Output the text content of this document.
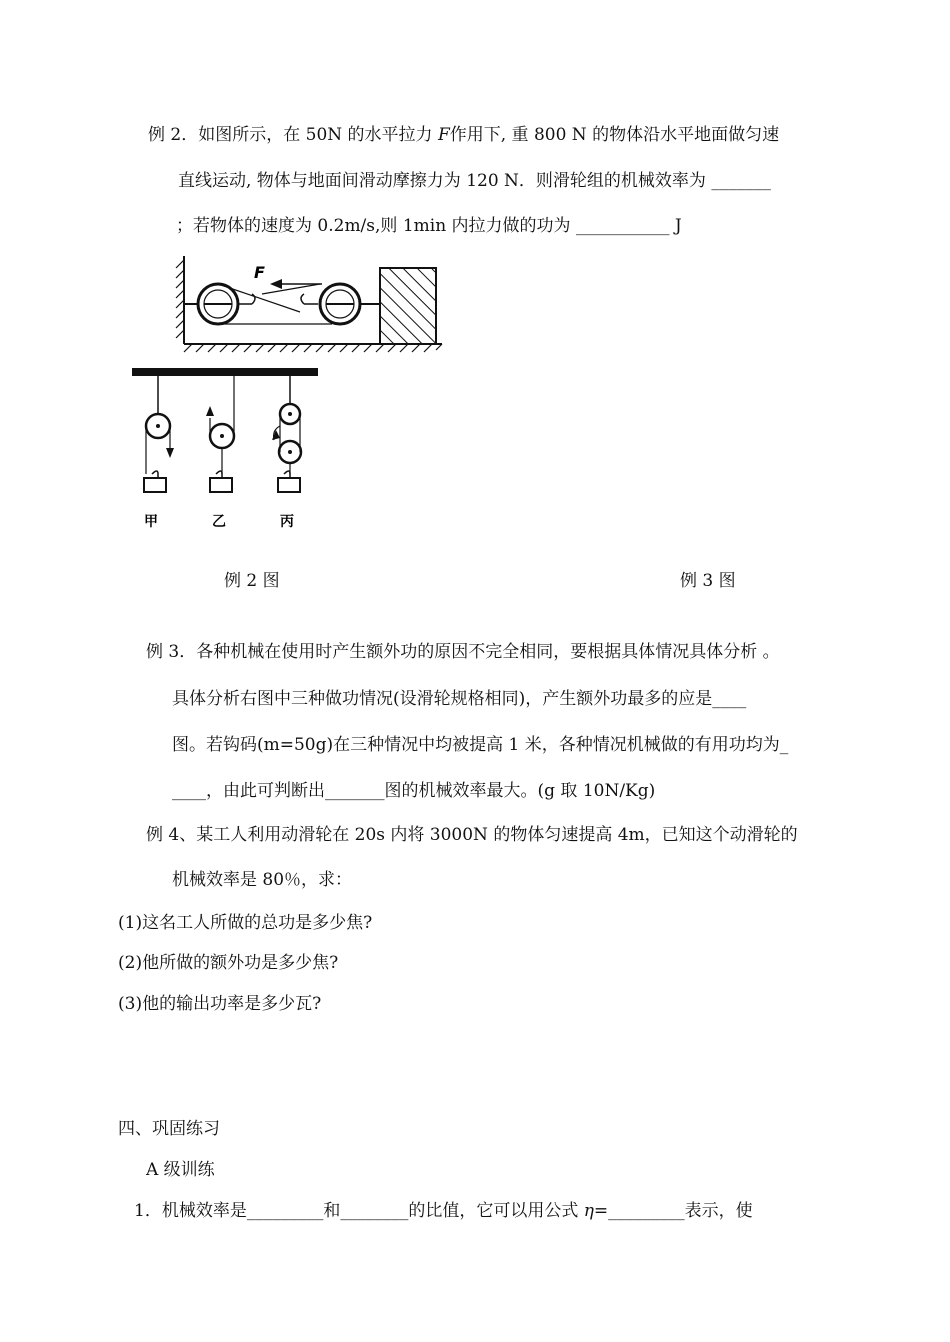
例 2．如图所示，在 50N 的水平拉力 F作用下, 重 800 N 的物体沿水平地面做匀速
直线运动, 物体与地面间滑动摩擦力为 120 N．则滑轮组的机械效率为 _______
；若物体的速度为 0.2m/s,则 1min 内拉力做的功为 ___________ J
F
甲	乙	丙
例 2 图	例 3 图
例 3．各种机械在使用时产生额外功的原因不完全相同，要根据具体情况具体分析 。
具体分析右图中三种做功情况(设滑轮规格相同)，产生额外功最多的应是____
图。若钩码(m=50g)在三种情况中均被提高 1 米，各种情况机械做的有用功均为_
____，由此可判断出_______图的机械效率最大。(g 取 10N/Kg)
例 4、某工人利用动滑轮在 20s 内将 3000N 的物体匀速提高 4m，已知这个动滑轮的
机械效率是 80％，求：
(1)这名工人所做的总功是多少焦?
(2)他所做的额外功是多少焦?
(3)他的输出功率是多少瓦?
四、巩固练习
A 级训练
1．机械效率是_________和________的比值，它可以用公式 η=_________表示，使
